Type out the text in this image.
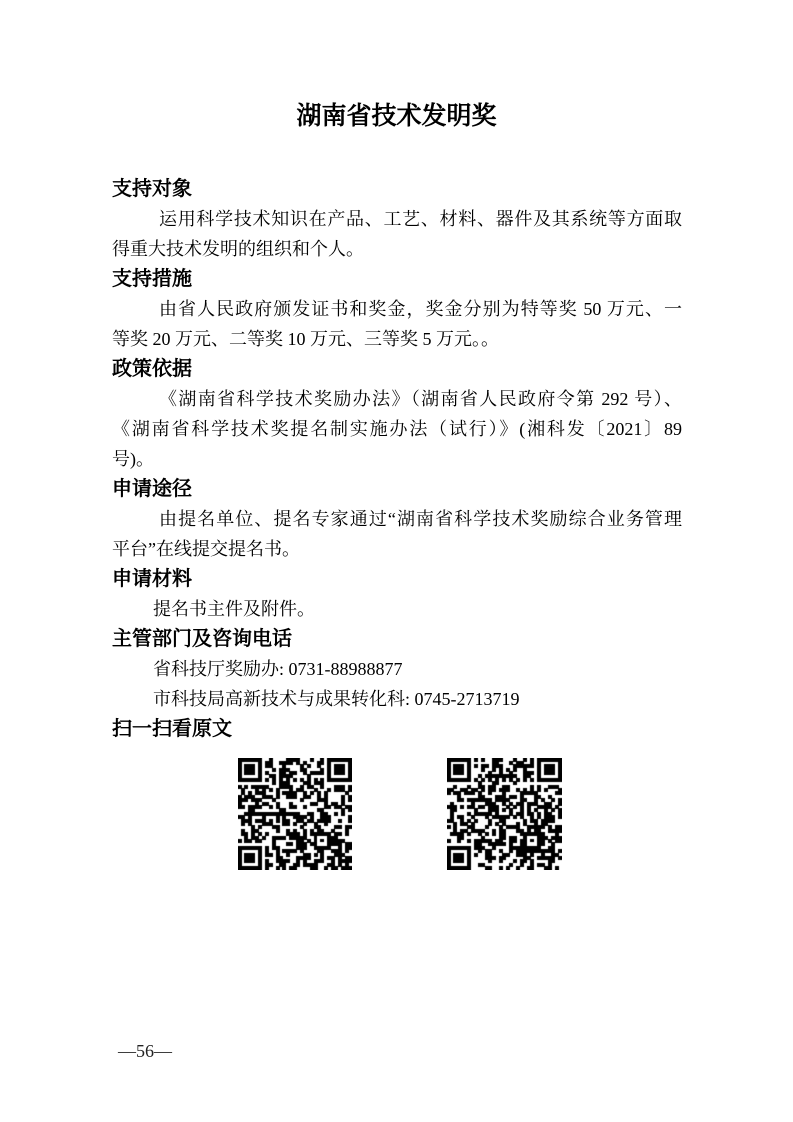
湖南省技术发明奖
支持对象
运用科学技术知识在产品、工艺、材料、器件及其系统等方面取
得重大技术发明的组织和个人。
支持措施
由省人民政府颁发证书和奖金，奖金分别为特等奖 50 万元、一
等奖 20 万元、二等奖 10 万元、三等奖 5 万元。。
政策依据
《湖南省科学技术奖励办法》（湖南省人民政府令第 292 号）、
《湖南省科学技术奖提名制实施办法（试行）》(湘科发〔2021〕89
号)。
申请途径
由提名单位、提名专家通过“湖南省科学技术奖励综合业务管理
平台”在线提交提名书。
申请材料
提名书主件及附件。
主管部门及咨询电话
省科技厅奖励办: 0731-88988877
市科技局高新技术与成果转化科: 0745-2713719
扫一扫看原文

—56—
